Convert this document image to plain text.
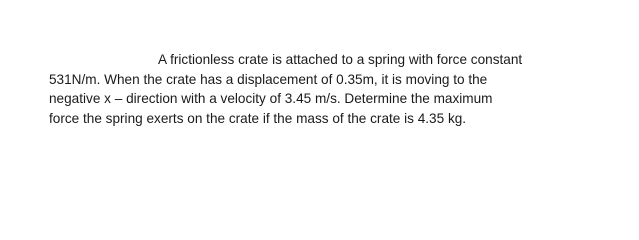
A frictionless crate is attached to a spring with force constant
531N/m. When the crate has a displacement of 0.35m, it is moving to the
negative x – direction with a velocity of 3.45 m/s. Determine the maximum
force the spring exerts on the crate if the mass of the crate is 4.35 kg.
